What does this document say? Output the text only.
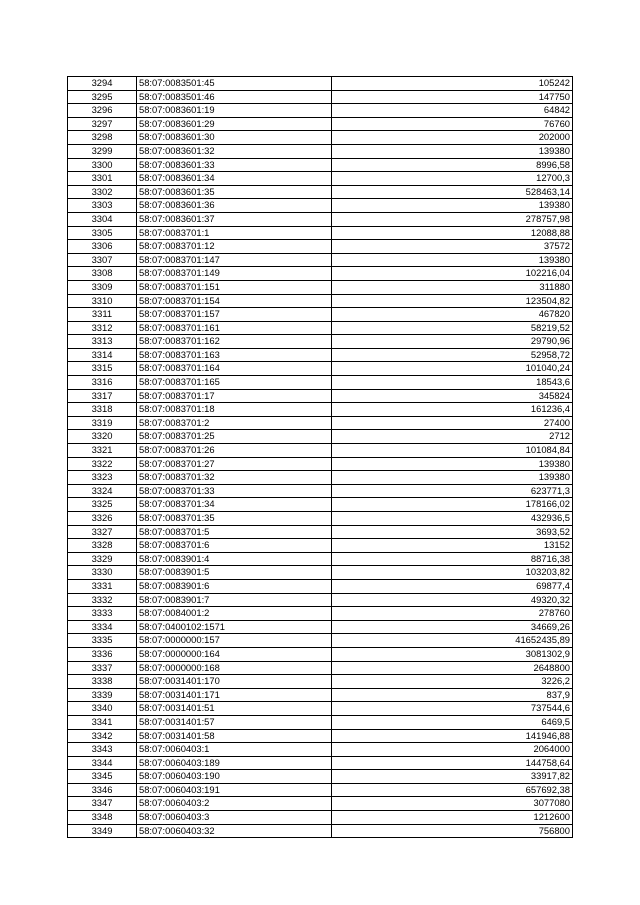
3294	58:07:0083501:45	105242
3295	58:07:0083501:46	147750
3296	58:07:0083601:19	64842
3297	58:07:0083601:29	76760
3298	58:07:0083601:30	202000
3299	58:07:0083601:32	139380
3300	58:07:0083601:33	8996,58
3301	58:07:0083601:34	12700,3
3302	58:07:0083601:35	528463,14
3303	58:07:0083601:36	139380
3304	58:07:0083601:37	278757,98
3305	58:07:0083701:1	12088,88
3306	58:07:0083701:12	37572
3307	58:07:0083701:147	139380
3308	58:07:0083701:149	102216,04
3309	58:07:0083701:151	311880
3310	58:07:0083701:154	123504,82
3311	58:07:0083701:157	467820
3312	58:07:0083701:161	58219,52
3313	58:07:0083701:162	29790,96
3314	58:07:0083701:163	52958,72
3315	58:07:0083701:164	101040,24
3316	58:07:0083701:165	18543,6
3317	58:07:0083701:17	345824
3318	58:07:0083701:18	161236,4
3319	58:07:0083701:2	27400
3320	58:07:0083701:25	2712
3321	58:07:0083701:26	101084,84
3322	58:07:0083701:27	139380
3323	58:07:0083701:32	139380
3324	58:07:0083701:33	623771,3
3325	58:07:0083701:34	178166,02
3326	58:07:0083701:35	432936,5
3327	58:07:0083701:5	3693,52
3328	58:07:0083701:6	13152
3329	58:07:0083901:4	88716,38
3330	58:07:0083901:5	103203,82
3331	58:07:0083901:6	69877,4
3332	58:07:0083901:7	49320,32
3333	58:07:0084001:2	278760
3334	58:07:0400102:1571	34669,26
3335	58:07:0000000:157	41652435,89
3336	58:07:0000000:164	3081302,9
3337	58:07:0000000:168	2648800
3338	58:07:0031401:170	3226,2
3339	58:07:0031401:171	837,9
3340	58:07:0031401:51	737544,6
3341	58:07:0031401:57	6469,5
3342	58:07:0031401:58	141946,88
3343	58:07:0060403:1	2064000
3344	58:07:0060403:189	144758,64
3345	58:07:0060403:190	33917,82
3346	58:07:0060403:191	657692,38
3347	58:07:0060403:2	3077080
3348	58:07:0060403:3	1212600
3349	58:07:0060403:32	756800
